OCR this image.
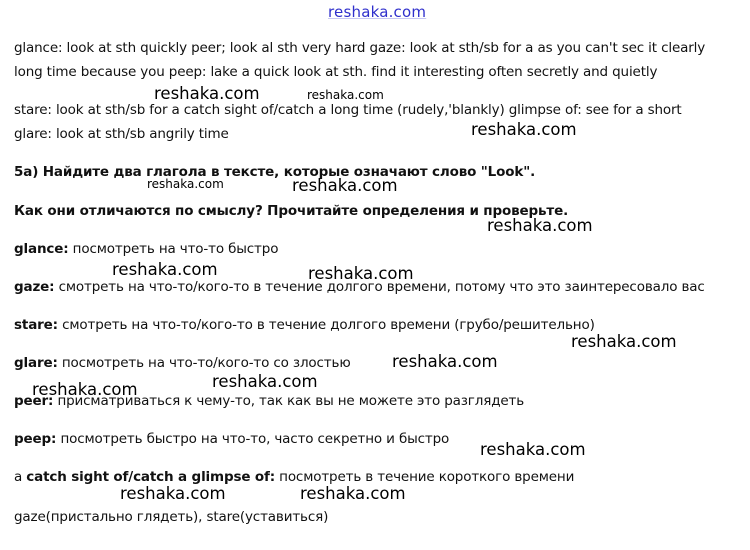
reshaka.com
glance: look at sth quickly peer; look al sth very hard gaze: look at sth/sb for a as you can't sec it clearly
long time because you peep: lake a quick look at sth. find it interesting often secretly and quietly
stare: look at sth/sb for a catch sight of/catch a long time (rudely,'blankly) glimpse of: see for a short
glare: look at sth/sb angrily time
5a) Найдите два глагола в тексте, которые означают слово "Look".
Как они отличаются по смыслу? Прочитайте определения и проверьте.
glance: посмотреть на что-то быстро
gaze: смотреть на что-то/кого-то в течение долгого времени, потому что это заинтересовало вас
stare: смотреть на что-то/кого-то в течение долгого времени (грубо/решительно)
glare: посмотреть на что-то/кого-то со злостью
peer: присматриваться к чему-то, так как вы не можете это разглядеть
peep: посмотреть быстро на что-то, часто секретно и быстро
a catch sight of/catch a glimpse of: посмотреть в течение короткого времени
gaze(пристально глядеть), stare(уставиться)
reshaka.com	reshaka.com
reshaka.com
reshaka.com	reshaka.com
reshaka.com
reshaka.com	reshaka.com
reshaka.com
reshaka.com
reshaka.com
reshaka.com
reshaka.com
reshaka.com	reshaka.com
